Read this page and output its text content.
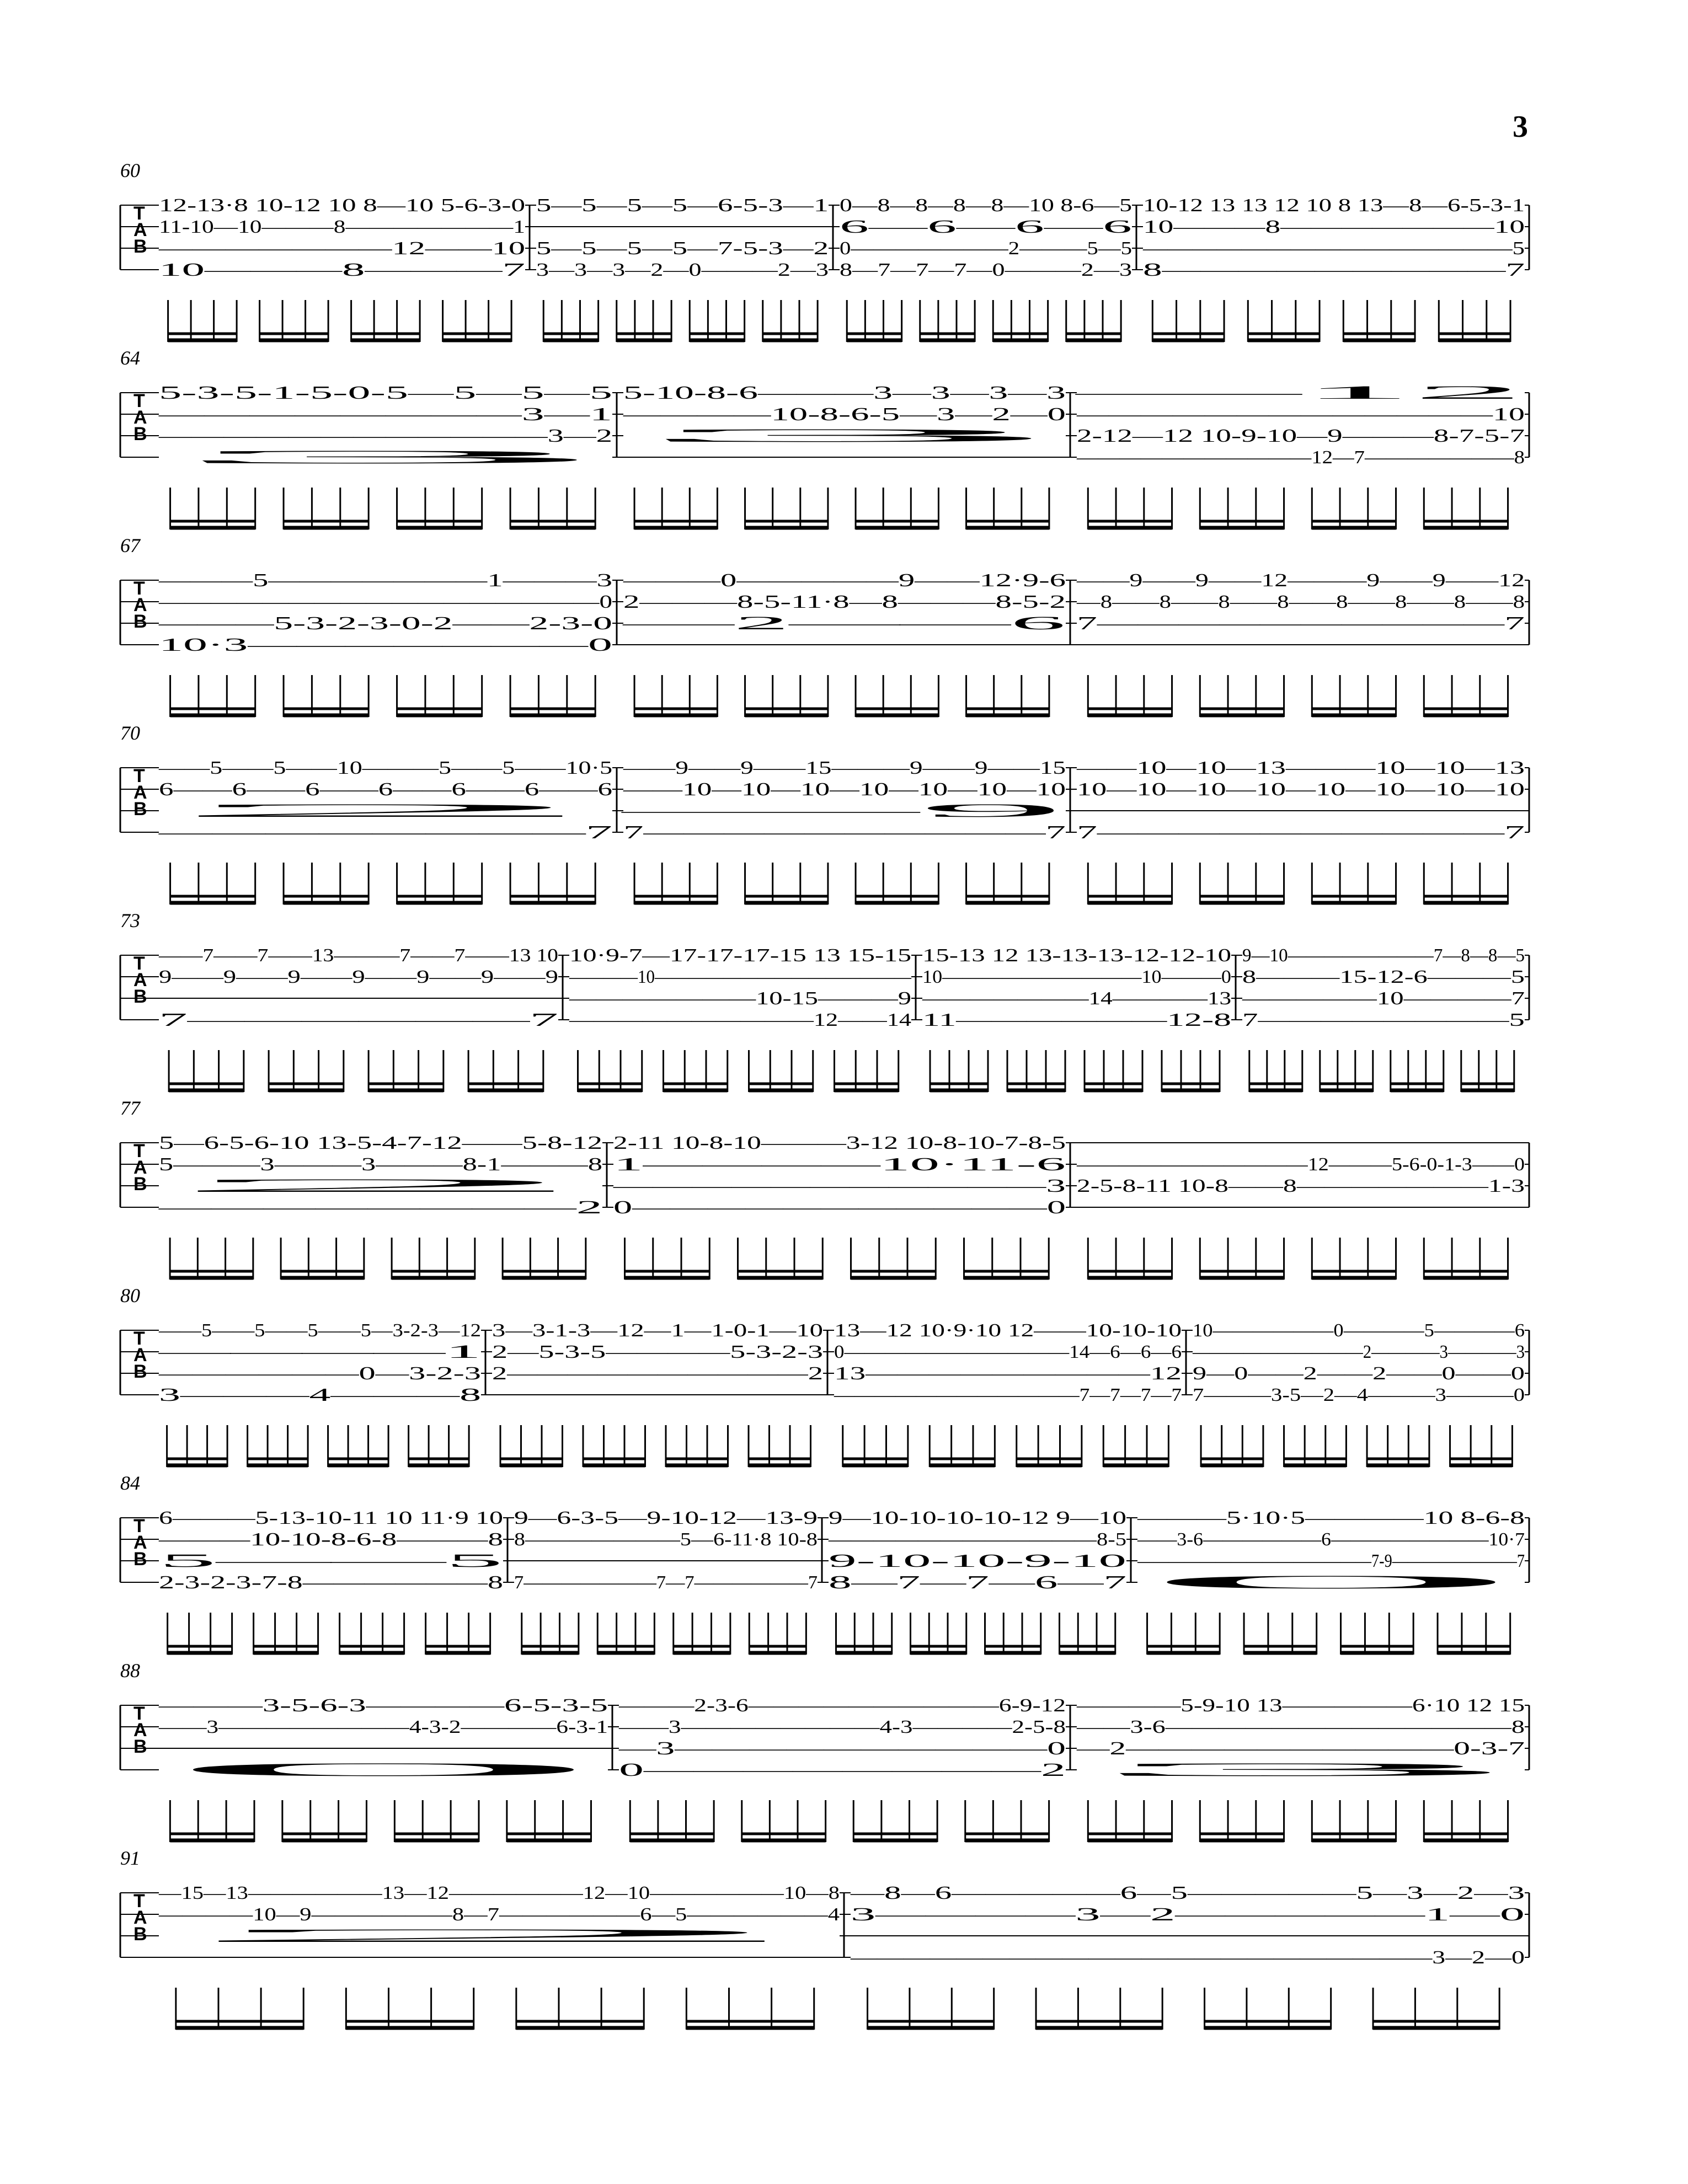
3
60
T
A
B
12-13·8 10-12 10 8—10 5-6-3-0
11-10—10———8———————1
———————12——10
10———8———7
5—5—5—5—6-5-3—1
5—5—5—5—7-5-3—2
3—3—3—2—0———2—3
0—8—8—8—8—10 8-6—5
6—6—6—6
0———————2———5—5
8—7—7—7—0———2—3
10-12 13 13 12 10 8 13—8—6-5-3-1
10———8———————10
———————————————5
8—————————7
64
T
A
B
5-3-5-1-5-0-5—5—5—5
————————3—1
————————————3—2
3
5-10-8-6———3—3—3—3
————10-8-6-5—3—2—0
3
—12
—————————————10
2-12—12 10-9-10—9———8-7-5-7
———————————12—7———————8
67
T
A
B
———5———————1———3
—————————————————0
———5-3-2-3-0-2——2-3-0
10·3———————0
———0—————9——12·9-6
2———8-5-11·8—8———8-5-2
—2——6
——9——9——12———9——9——12
—8——8——8——8——8——8——8——8
7——————————7
70
T
A
B
——5——5——10———5——5——10·5
6——6——6——6——6——6——6
2
————————7
——9——9——15———9——9——15
——10—10—10—10—10—10—10
—9
7——————————7
——10—10—13———10—10—13
10—10—10—10—10—10—10—10
7——————————7
73
T
A
B
——7——7——13———7——7——13 10
9——9——9——9——9——9——9
7——————7
10·9-7—17-17-17-15 13 15-15
————10———————————————
———————10-15———9
——————————12——14
15-13 12 13-13-13-12-12-10
10——————————10———0
———————14————13
11——————12-8
9—10————————7—8—8—5
8———15-12-6———5
—————10————7
7————————5
77
T
A
B
5—6-5-6-10 13-5-4-7-12——5-8-12
5———3———3———8-1———8
2
————————2
2-11 10-8-10———3-12 10-8-10-7-8-5
1————10·11-6
———————————3
0———————————0
———————————12———5-6-0-1-3——0
2-5-8-11 10-8——8———————1-3
80
T
A
B
——5——5——5——5—3-2-3—12
————1
——————0—3-2-3
3———4———8
3—3-1-3—12—1—1-0-1—10
2—5-3-5————5-3-2-3
2——————————2
13—12 10·9·10 12——10-10-10
0———————————14—6—6—6
13—————————12
————————————7—7—7—7
10——————0————5————6
——————————2————3————3
9—0——2——2——0——0
7———3-5—2—4———3———0
84
T
A
B
6———5-13-10-11 10 11·9 10
———10-10-8-6-8———8
5——5
2-3-2-3-7-8——————8
9—6-3-5—9-10-12—13-9
8———————5—6-11·8 10-8
7———————7—7——————7
9—10-10-10-10-12 9—10
————————————8-5
9-10-10-9-10
8—7—7—6—7
———5·10·5————10 8-6-8
——3-6——————6————————10·7
———————————————7-9————————7
0
88
T
A
B
———3-5-6-3————6-5-3-5
——3————————4-3-2————6-3-1
0
———2-3-6——————————6-9-12
——3————————4-3————2-5-8
—3——————————0
0————————2
————5-9-10 13—————6·10 12 15
——3-6—————————————8
—2——————————0-3-7
3
91
T
A
B
—15—13——————13—12——————12—10——————10—8
————10—9——————8—7——————6—5——————4
2
—8—6—————6—5—————5—3—2—3
3————3—2—————1—0
——————————————————————3—2—0
